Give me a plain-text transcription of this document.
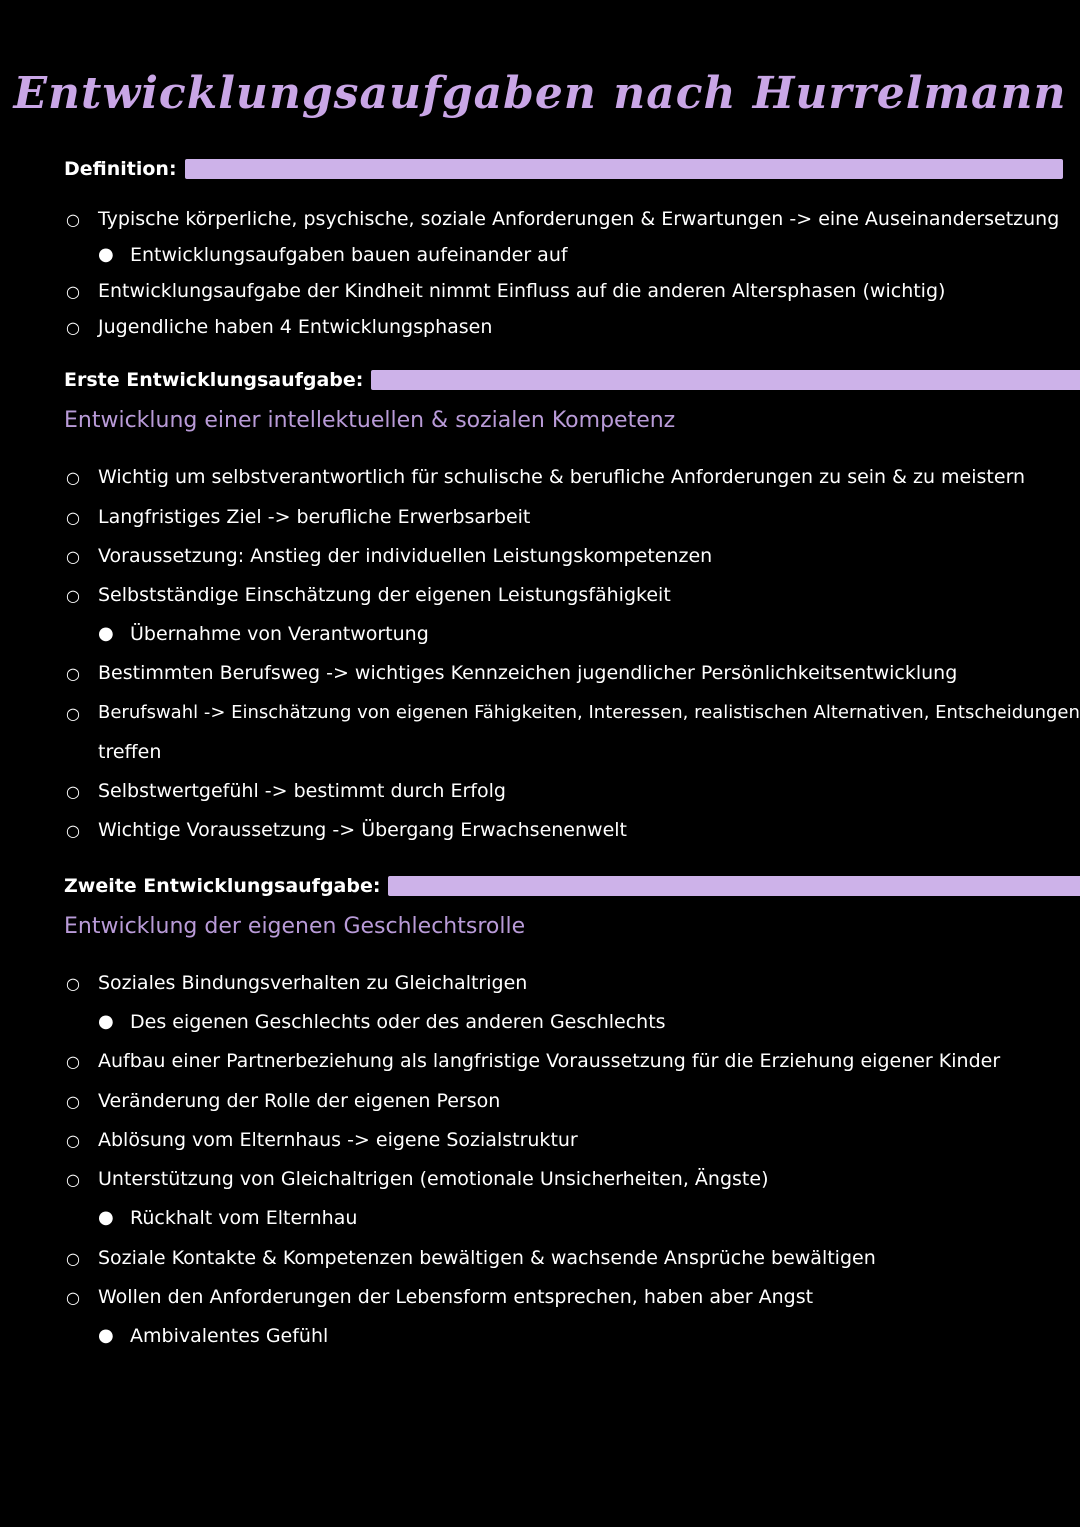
Entwicklungsaufgaben nach Hurrelmann
Definition:
○ Typische körperliche, psychische, soziale Anforderungen & Erwartungen -> eine Auseinandersetzung
● Entwicklungsaufgaben bauen aufeinander auf
○ Entwicklungsaufgabe der Kindheit nimmt Einfluss auf die anderen Altersphasen (wichtig)
○ Jugendliche haben 4 Entwicklungsphasen
Erste Entwicklungsaufgabe:
Entwicklung einer intellektuellen & sozialen Kompetenz
○ Wichtig um selbstverantwortlich für schulische & berufliche Anforderungen zu sein & zu meistern
○ Langfristiges Ziel -> berufliche Erwerbsarbeit
○ Voraussetzung: Anstieg der individuellen Leistungskompetenzen
○ Selbstständige Einschätzung der eigenen Leistungsfähigkeit
● Übernahme von Verantwortung
○ Bestimmten Berufsweg -> wichtiges Kennzeichen jugendlicher Persönlichkeitsentwicklung
○ Berufswahl -> Einschätzung von eigenen Fähigkeiten, Interessen, realistischen Alternativen, Entscheidungen
treffen
○ Selbstwertgefühl -> bestimmt durch Erfolg
○ Wichtige Voraussetzung -> Übergang Erwachsenenwelt
Zweite Entwicklungsaufgabe:
Entwicklung der eigenen Geschlechtsrolle
○ Soziales Bindungsverhalten zu Gleichaltrigen
● Des eigenen Geschlechts oder des anderen Geschlechts
○ Aufbau einer Partnerbeziehung als langfristige Voraussetzung für die Erziehung eigener Kinder
○ Veränderung der Rolle der eigenen Person
○ Ablösung vom Elternhaus -> eigene Sozialstruktur
○ Unterstützung von Gleichaltrigen (emotionale Unsicherheiten, Ängste)
● Rückhalt vom Elternhau
○ Soziale Kontakte & Kompetenzen bewältigen & wachsende Ansprüche bewältigen
○ Wollen den Anforderungen der Lebensform entsprechen, haben aber Angst
● Ambivalentes Gefühl
